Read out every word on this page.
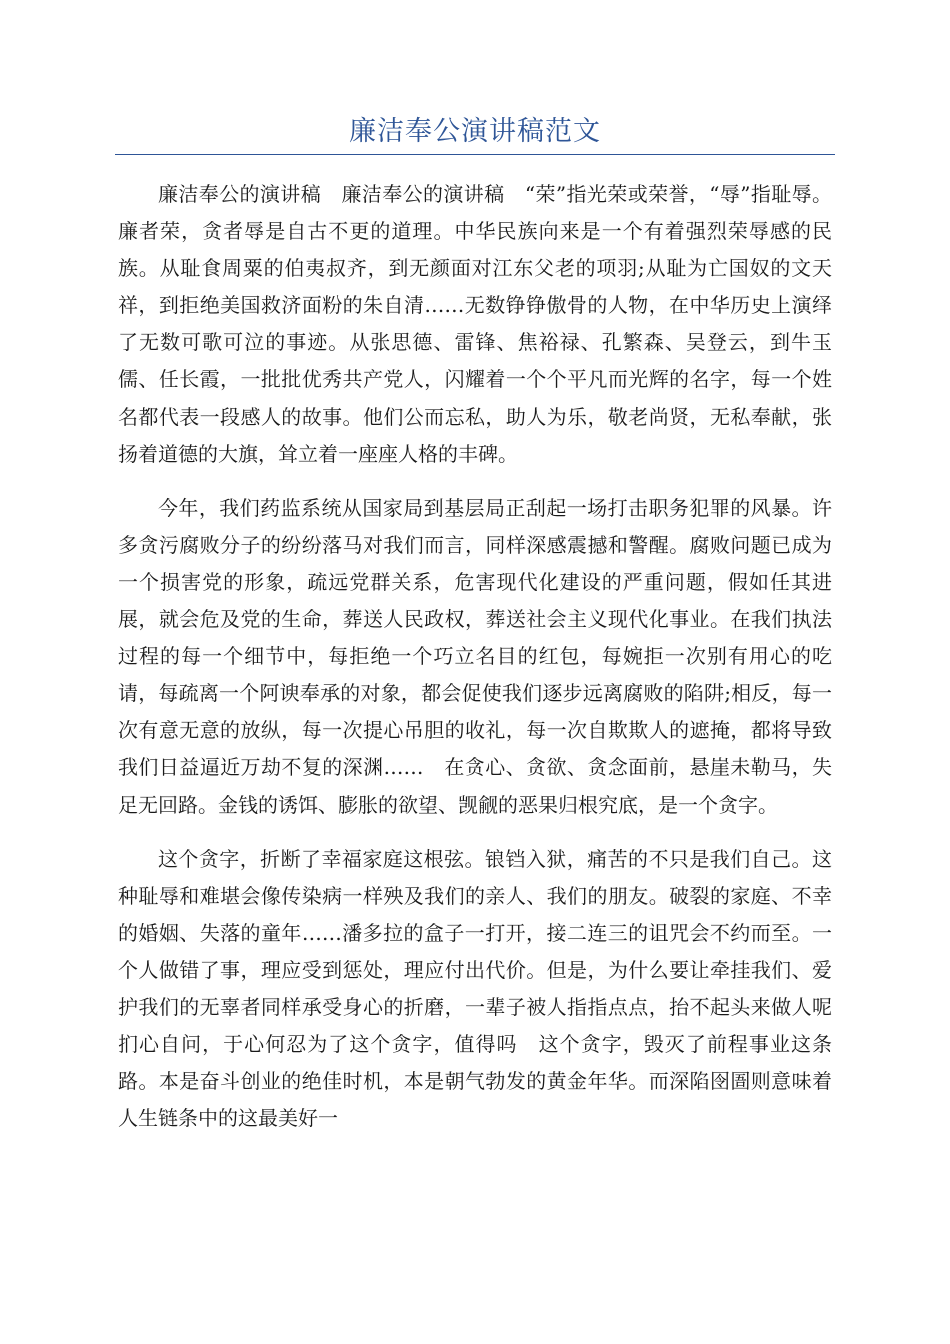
廉洁奉公演讲稿范文

廉洁奉公的演讲稿　廉洁奉公的演讲稿　“荣”指光荣或荣誉，“辱”指耻辱。廉者荣，贪者辱是自古不更的道理。中华民族向来是一个有着强烈荣辱感的民族。从耻食周粟的伯夷叔齐，到无颜面对江东父老的项羽;从耻为亡国奴的文天祥，到拒绝美国救济面粉的朱自清……无数铮铮傲骨的人物，在中华历史上演绎了无数可歌可泣的事迹。从张思德、雷锋、焦裕禄、孔繁森、吴登云，到牛玉儒、任长霞，一批批优秀共产党人，闪耀着一个个平凡而光辉的名字，每一个姓名都代表一段感人的故事。他们公而忘私，助人为乐，敬老尚贤，无私奉献，张扬着道德的大旗，耸立着一座座人格的丰碑。

今年，我们药监系统从国家局到基层局正刮起一场打击职务犯罪的风暴。许多贪污腐败分子的纷纷落马对我们而言，同样深感震撼和警醒。腐败问题已成为一个损害党的形象，疏远党群关系，危害现代化建设的严重问题，假如任其进展，就会危及党的生命，葬送人民政权，葬送社会主义现代化事业。在我们执法过程的每一个细节中，每拒绝一个巧立名目的红包，每婉拒一次别有用心的吃请，每疏离一个阿谀奉承的对象，都会促使我们逐步远离腐败的陷阱;相反，每一次有意无意的放纵，每一次提心吊胆的收礼，每一次自欺欺人的遮掩，都将导致我们日益逼近万劫不复的深渊……　在贪心、贪欲、贪念面前，悬崖未勒马，失足无回路。金钱的诱饵、膨胀的欲望、觊觎的恶果归根究底，是一个贪字。

这个贪字，折断了幸福家庭这根弦。锒铛入狱，痛苦的不只是我们自己。这种耻辱和难堪会像传染病一样殃及我们的亲人、我们的朋友。破裂的家庭、不幸的婚姻、失落的童年……潘多拉的盒子一打开，接二连三的诅咒会不约而至。一个人做错了事，理应受到惩处，理应付出代价。但是，为什么要让牵挂我们、爱护我们的无辜者同样承受身心的折磨，一辈子被人指指点点，抬不起头来做人呢扪心自问，于心何忍为了这个贪字，值得吗　这个贪字，毁灭了前程事业这条路。本是奋斗创业的绝佳时机，本是朝气勃发的黄金年华。而深陷囹圄则意味着人生链条中的这最美好一
